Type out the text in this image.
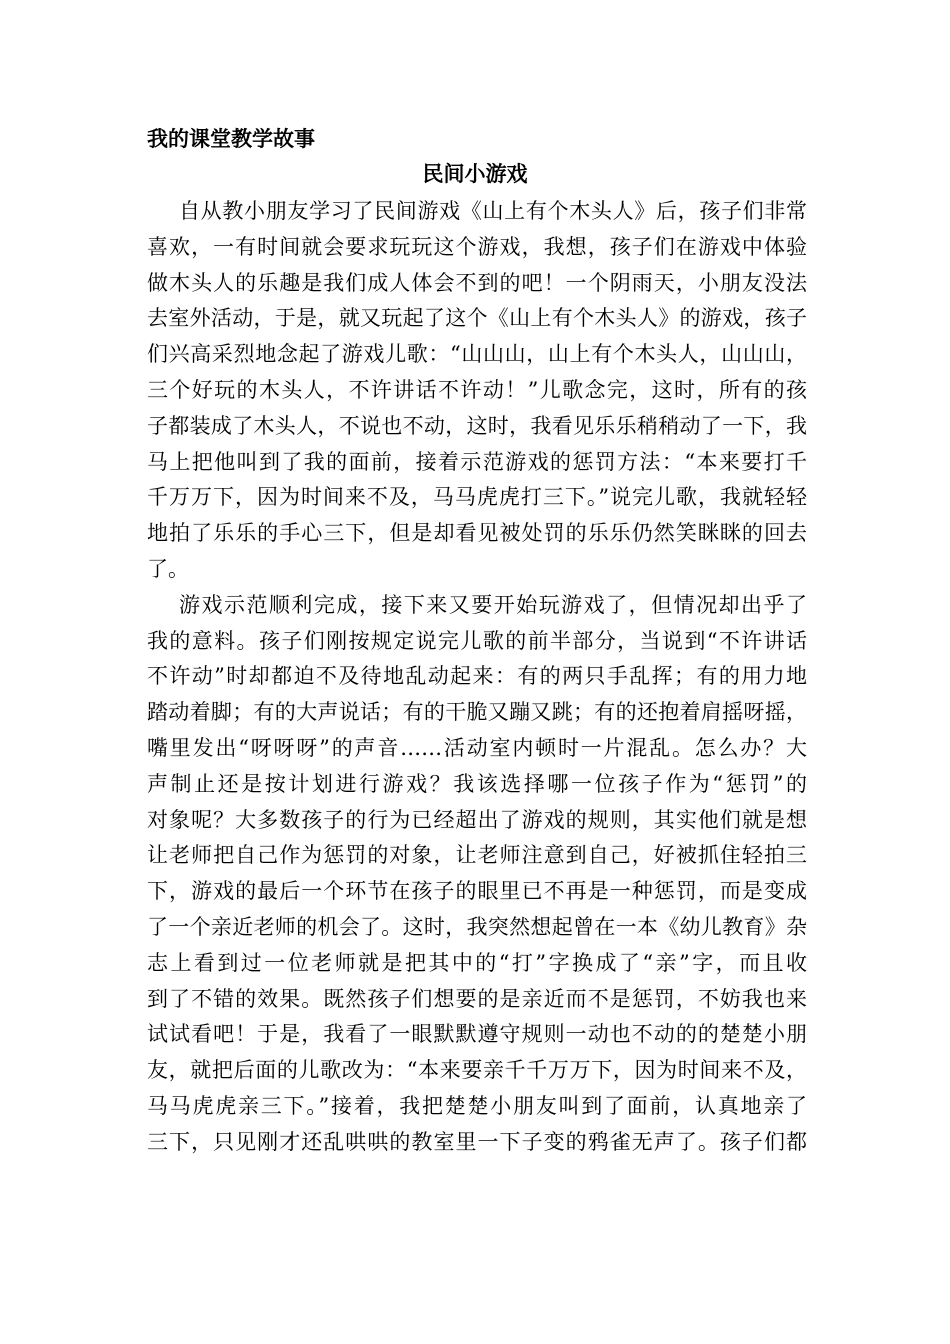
我的课堂教学故事
民间小游戏
自从教小朋友学习了民间游戏《山上有个木头人》后，孩子们非常
喜欢，一有时间就会要求玩玩这个游戏，我想，孩子们在游戏中体验
做木头人的乐趣是我们成人体会不到的吧！一个阴雨天，小朋友没法
去室外活动，于是，就又玩起了这个《山上有个木头人》的游戏，孩子
们兴高采烈地念起了游戏儿歌：“山山山，山上有个木头人，山山山，
三个好玩的木头人，不许讲话不许动！”儿歌念完，这时，所有的孩
子都装成了木头人，不说也不动，这时，我看见乐乐稍稍动了一下，我
马上把他叫到了我的面前，接着示范游戏的惩罚方法：“本来要打千
千万万下，因为时间来不及，马马虎虎打三下。”说完儿歌，我就轻轻
地拍了乐乐的手心三下，但是却看见被处罚的乐乐仍然笑眯眯的回去
了。
游戏示范顺利完成，接下来又要开始玩游戏了，但情况却出乎了
我的意料。孩子们刚按规定说完儿歌的前半部分，当说到“不许讲话
不许动”时却都迫不及待地乱动起来：有的两只手乱挥；有的用力地
踏动着脚；有的大声说话；有的干脆又蹦又跳；有的还抱着肩摇呀摇，
嘴里发出“呀呀呀”的声音……活动室内顿时一片混乱。怎么办？大
声制止还是按计划进行游戏？我该选择哪一位孩子作为“惩罚”的
对象呢？大多数孩子的行为已经超出了游戏的规则，其实他们就是想
让老师把自己作为惩罚的对象，让老师注意到自己，好被抓住轻拍三
下，游戏的最后一个环节在孩子的眼里已不再是一种惩罚，而是变成
了一个亲近老师的机会了。这时，我突然想起曾在一本《幼儿教育》杂
志上看到过一位老师就是把其中的“打”字换成了“亲”字，而且收
到了不错的效果。既然孩子们想要的是亲近而不是惩罚，不妨我也来
试试看吧！于是，我看了一眼默默遵守规则一动也不动的的楚楚小朋
友，就把后面的儿歌改为：“本来要亲千千万万下，因为时间来不及，
马马虎虎亲三下。”接着，我把楚楚小朋友叫到了面前，认真地亲了
三下，只见刚才还乱哄哄的教室里一下子变的鸦雀无声了。孩子们都
